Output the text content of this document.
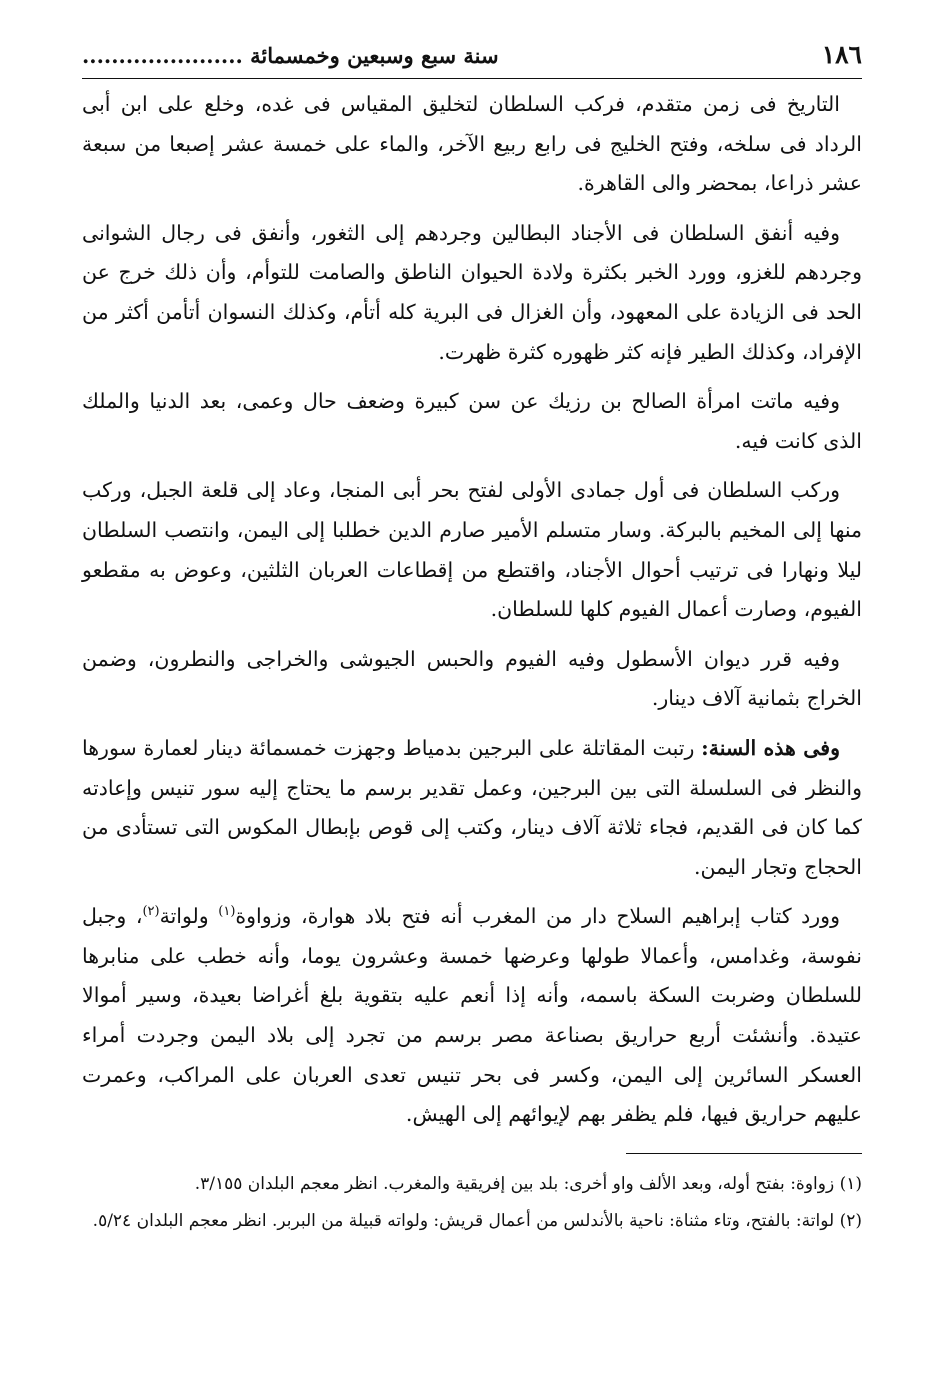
١٨٦
سنة سبع وسبعين وخمسمائة ......................

التاريخ فى زمن متقدم، فركب السلطان لتخليق المقياس فى غده، وخلع على ابن أبى الرداد فى سلخه، وفتح الخليج فى رابع ربيع الآخر، والماء على خمسة عشر إصبعا من سبعة عشر ذراعا، بمحضر والى القاهرة.

وفيه أنفق السلطان فى الأجناد البطالين وجردهم إلى الثغور، وأنفق فى رجال الشوانى وجردهم للغزو، وورد الخبر بكثرة ولادة الحيوان الناطق والصامت للتوأم، وأن ذلك خرج عن الحد فى الزيادة على المعهود، وأن الغزال فى البرية كله أتأم، وكذلك النسوان أتأمن أكثر من الإفراد، وكذلك الطير فإنه كثر ظهوره كثرة ظهرت.

وفيه ماتت امرأة الصالح بن رزيك عن سن كبيرة وضعف حال وعمى، بعد الدنيا والملك الذى كانت فيه.

وركب السلطان فى أول جمادى الأولى لفتح بحر أبى المنجا، وعاد إلى قلعة الجبل، وركب منها إلى المخيم بالبركة. وسار متسلم الأمير صارم الدين خطلبا إلى اليمن، وانتصب السلطان ليلا ونهارا فى ترتيب أحوال الأجناد، واقتطع من إقطاعات العربان الثلثين، وعوض به مقطعو الفيوم، وصارت أعمال الفيوم كلها للسلطان.

وفيه قرر ديوان الأسطول وفيه الفيوم والحبس الجيوشى والخراجى والنطرون، وضمن الخراج بثمانية آلاف دينار.

وفى هذه السنة: رتبت المقاتلة على البرجين بدمياط وجهزت خمسمائة دينار لعمارة سورها والنظر فى السلسلة التى بين البرجين، وعمل تقدير برسم ما يحتاج إليه سور تنيس وإعادته كما كان فى القديم، فجاء ثلاثة آلاف دينار، وكتب إلى قوص بإبطال المكوس التى تستأدى من الحجاج وتجار اليمن.

وورد كتاب إبراهيم السلاح دار من المغرب أنه فتح بلاد هوارة، وزواوة$^{(١)}$ ولواتة$^{(٢)}$، وجبل نفوسة، وغدامس، وأعمالا طولها وعرضها خمسة وعشرون يوما، وأنه خطب على منابرها للسلطان وضربت السكة باسمه، وأنه إذا أنعم عليه بتقوية بلغ أغراضا بعيدة، وسير أموالا عتيدة. وأنشئت أربع حراريق بصناعة مصر برسم من تجرد إلى بلاد اليمن وجردت أمراء العسكر السائرين إلى اليمن، وكسر فى بحر تنيس تعدى العربان على المراكب، وعمرت عليهم حراريق فيها، فلم يظفر بهم لإيوائهم إلى الهيش.

(١) زواوة: بفتح أوله، وبعد الألف واو أخرى: بلد بين إفريقية والمغرب. انظر معجم البلدان ٣/١٥٥.

(٢) لواتة: بالفتح، وتاء مثناة: ناحية بالأندلس من أعمال قريش: ولواته قبيلة من البربر. انظر معجم البلدان ٥/٢٤.
